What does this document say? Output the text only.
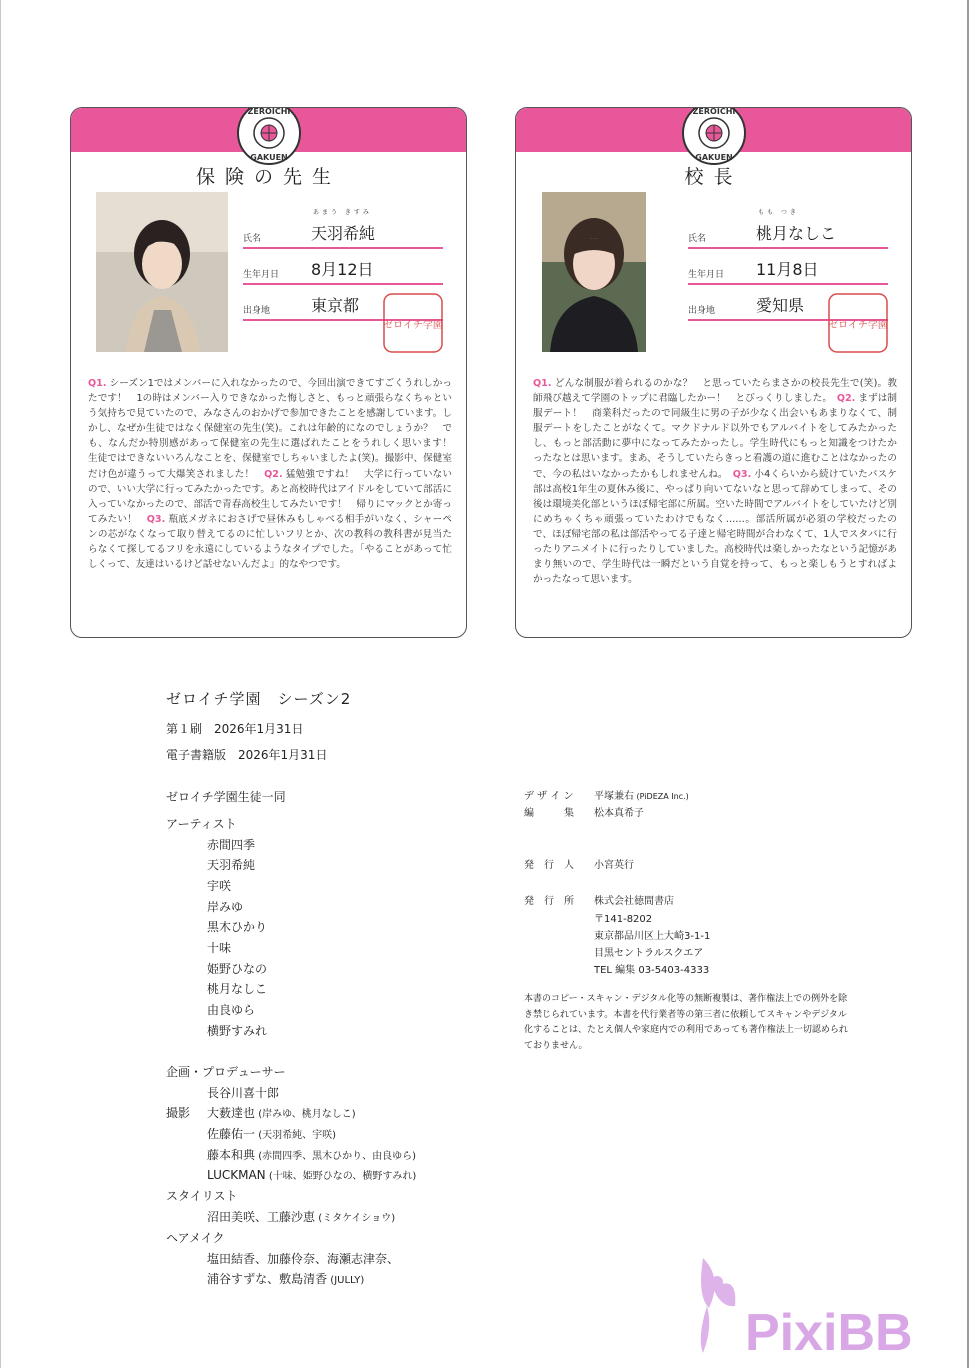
ZEROICHI
GAKUEN
保険の先生
あまう きすみ
氏名	天羽希純
生年月日 8月12日
出身地	東京都
ゼロイチ学園
Q1. シーズン1ではメンバーに入れなかったので、今回出演できてすごくうれしかったです！　1の時はメンバー入りできなかった悔しさと、もっと頑張らなくちゃという気持ちで見ていたので、みなさんのおかげで参加できたことを感謝しています。しかし、なぜか生徒ではなく保健室の先生(笑)。これは年齢的になのでしょうか？　でも、なんだか特別感があって保健室の先生に選ばれたことをうれしく思います！　生徒ではできないいろんなことを、保健室でしちゃいましたよ(笑)。撮影中、保健室だけ色が違うって大爆笑されました！　Q2. 猛勉強ですね！　大学に行っていないので、いい大学に行ってみたかったです。あと高校時代はアイドルをしていて部活に入っていなかったので、部活で青春高校生してみたいです！　帰りにマックとか寄ってみたい！　Q3. 瓶底メガネにおさげで昼休みもしゃべる相手がいなく、シャーペンの芯がなくなって取り替えてるのに忙しいフリとか、次の教科の教科書が見当たらなくて探してるフリを永遠にしているようなタイプでした。「やることがあって忙しくって、友達はいるけど話せないんだよ」的なやつです。
ZEROICHI
GAKUEN
校長
もも つき
氏名	桃月なしこ
生年月日 11月8日
出身地	愛知県
ゼロイチ学園
Q1. どんな制服が着られるのかな？　と思っていたらまさかの校長先生で(笑)。教師飛び越えて学園のトップに君臨したかー！　とびっくりしました。　Q2. まずは制服デート！　商業科だったので同級生に男の子が少なく出会いもあまりなくて、制服デートをしたことがなくて。マクドナルド以外でもアルバイトをしてみたかったし、もっと部活動に夢中になってみたかったし。学生時代にもっと知識をつけたかったなとは思います。まあ、そうしていたらきっと看護の道に進むことはなかったので、今の私はいなかったかもしれませんね。　Q3. 小4くらいから続けていたバスケ部は高校1年生の夏休み後に、やっぱり向いてないなと思って辞めてしまって、その後は環境美化部というほぼ帰宅部に所属。空いた時間でアルバイトをしていたけど別にめちゃくちゃ頑張っていたわけでもなく……。部活所属が必須の学校だったので、ほぼ帰宅部の私は部活やってる子達と帰宅時間が合わなくて、1人でスタバに行ったりアニメイトに行ったりしていました。高校時代は楽しかったなという記憶があまり無いので、学生時代は一瞬だという自覚を持って、もっと楽しもうとすればよかったなって思います。
ゼロイチ学園　シーズン2
第１刷　2026年1月31日
電子書籍版　2026年1月31日
ゼロイチ学園生徒一同
アーティスト
赤間四季
天羽希純
宇咲
岸みゆ
黒木ひかり
十味
姫野ひなの
桃月なしこ
由良ゆら
横野すみれ
企画・プロデューサー
長谷川喜十郎
撮影 大薮達也 (岸みゆ、桃月なしこ)
佐藤佑一 (天羽希純、宇咲)
藤本和典 (赤間四季、黒木ひかり、由良ゆら)
LUCKMAN (十味、姫野ひなの、横野すみれ)
スタイリスト
沼田美咲、工藤沙恵 (ミタケイショウ)
ヘアメイク
塩田結香、加藤伶奈、海瀬志津奈、
浦谷すずな、敷島清香 (JULLY)
デ ザ イ ン 平塚兼右 (PiDEZA Inc.)
編　　　集 松本真希子
発　行　人 小宮英行
発　行　所 株式会社徳間書店
〒141-8202
東京都品川区上大崎3-1-1
目黒セントラルスクエア
TEL 編集 03-5403-4333
本書のコピー・スキャン・デジタル化等の無断複製は、著作権法上での例外を除き禁じられています。本書を代行業者等の第三者に依頼してスキャンやデジタル化することは、たとえ個人や家庭内での利用であっても著作権法上一切認められておりません。
PixiBB
